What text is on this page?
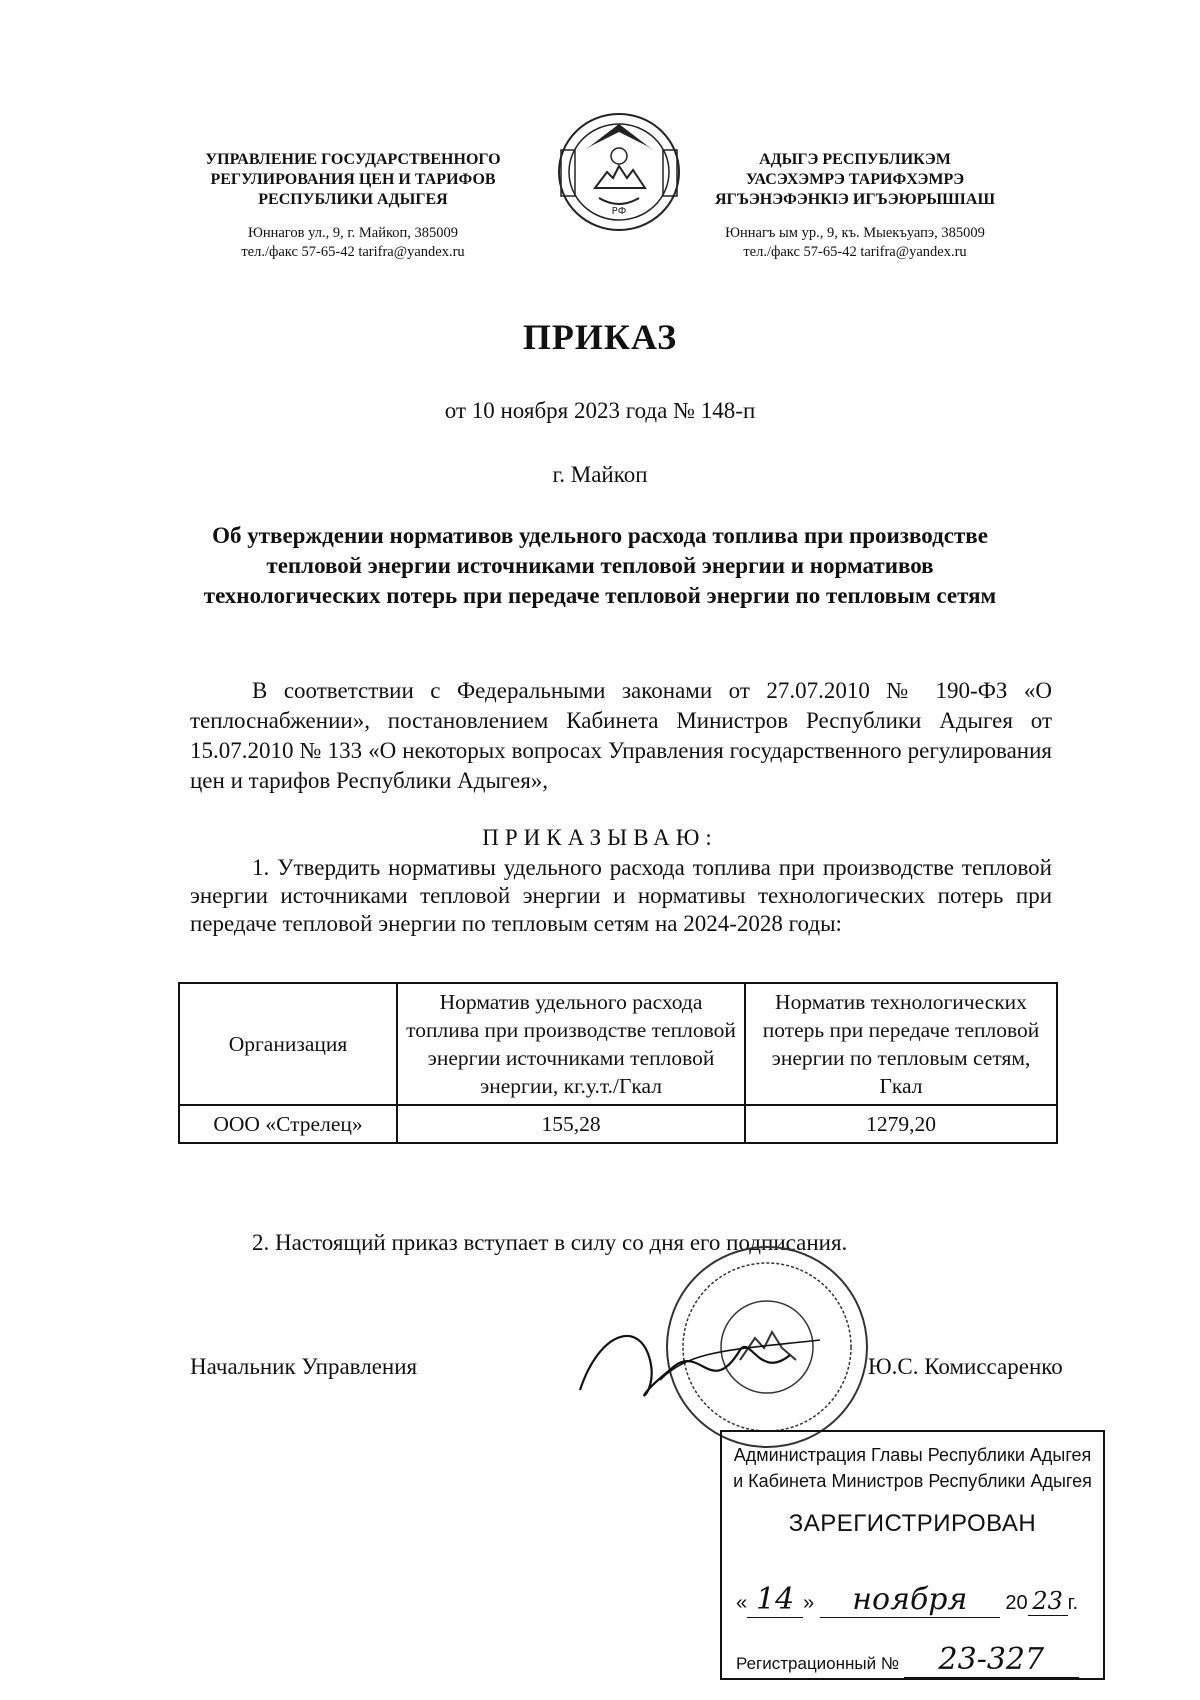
УПРАВЛЕНИЕ ГОСУДАРСТВЕННОГО
РЕГУЛИРОВАНИЯ ЦЕН И ТАРИФОВ
РЕСПУБЛИКИ АДЫГЕЯ
Юннагов ул., 9, г. Майкоп, 385009
тел./факс 57-65-42 tarifra@yandex.ru
РФ
АДЫГЭ РЕСПУБЛИКЭМ
УАСЭХЭМРЭ ТАРИФХЭМРЭ
ЯГЪЭНЭФЭНКIЭ ИГЪЭЮРЫШIАШ
Юннагъ ым ур., 9, къ. Мыекъуапэ, 385009
тел./факс 57-65-42 tarifra@yandex.ru
ПРИКАЗ
от 10 ноября 2023 года № 148-п
г. Майкоп
Об утверждении нормативов удельного расхода топлива при производстве тепловой энергии источниками тепловой энергии и нормативов технологических потерь при передаче тепловой энергии по тепловым сетям
В соответствии с Федеральными законами от 27.07.2010 № 190-ФЗ «О теплоснабжении», постановлением Кабинета Министров Республики Адыгея от 15.07.2010 № 133 «О некоторых вопросах Управления государственного регулирования цен и тарифов Республики Адыгея»,
ПРИКАЗЫВАЮ:
1. Утвердить нормативы удельного расхода топлива при производстве тепловой энергии источниками тепловой энергии и нормативы технологических потерь при передаче тепловой энергии по тепловым сетям на 2024-2028 годы:
Организация	Норматив удельного расхода топлива при производстве тепловой энергии источниками тепловой энергии, кг.у.т./Гкал	Норматив технологических потерь при передаче тепловой энергии по тепловым сетям, Гкал
ООО «Стрелец»	155,28	1279,20
2. Настоящий приказ вступает в силу со дня его подписания.
Начальник Управления	Ю.С. Комиссаренко
Администрация Главы Республики Адыгея
и Кабинета Министров Республики Адыгея
ЗАРЕГИСТРИРОВАН
« 14 » ноября 20 23 г.
Регистрационный № 23-327
